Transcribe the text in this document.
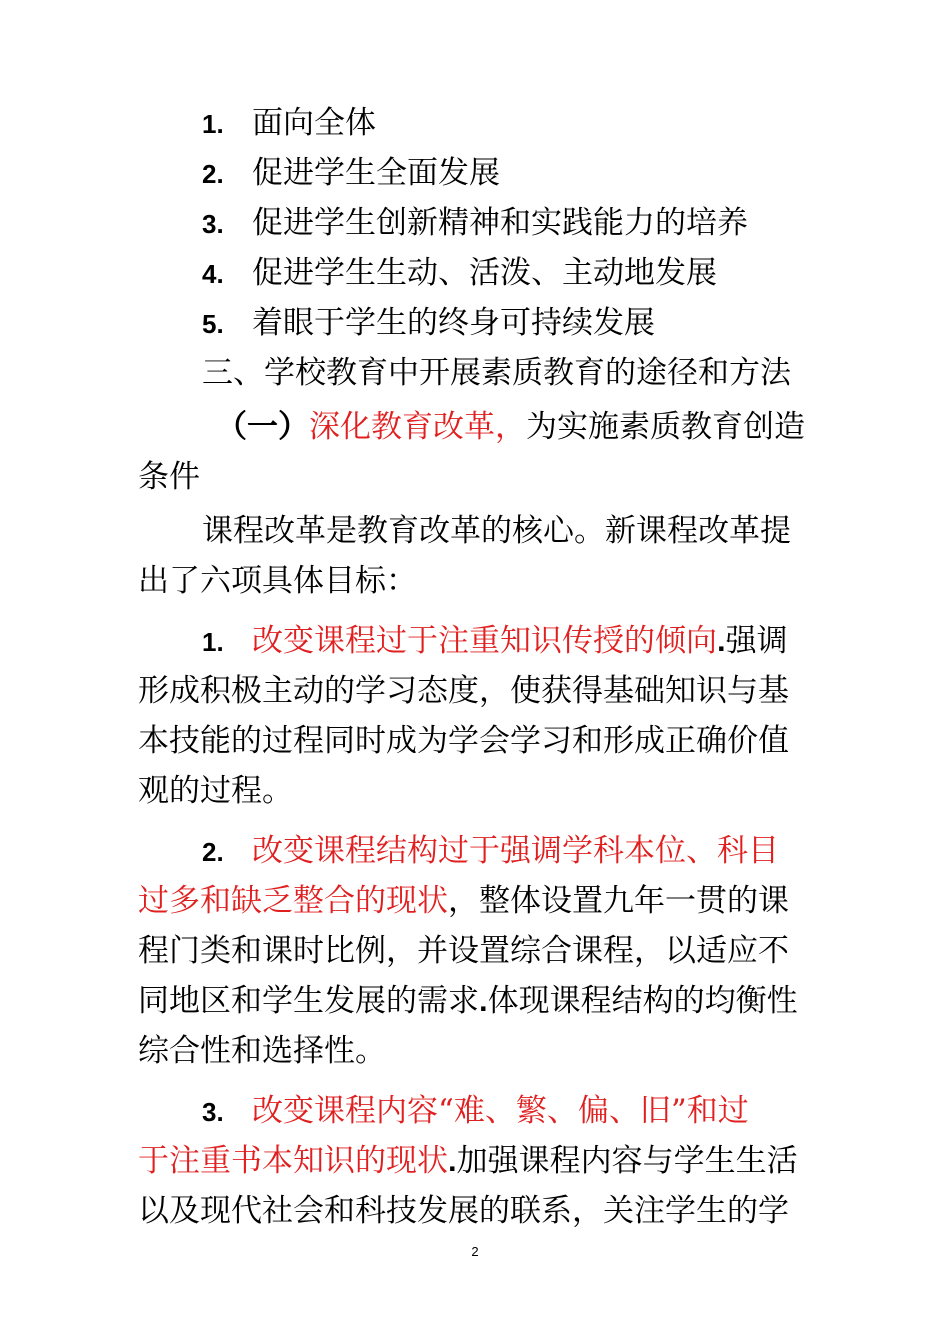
1. 面向全体
2. 促进学生全面发展
3. 促进学生创新精神和实践能力的培养
4. 促进学生生动、活泼、主动地发展
5. 着眼于学生的终身可持续发展
三、学校教育中开展素质教育的途径和方法
（一）深化教育改革，为实施素质教育创造
条件
课程改革是教育改革的核心。新课程改革提
出了六项具体目标：
1. 改变课程过于注重知识传授的倾向.强调
形成积极主动的学习态度，使获得基础知识与基
本技能的过程同时成为学会学习和形成正确价值
观的过程。
2. 改变课程结构过于强调学科本位、科目
过多和缺乏整合的现状，整体设置九年一贯的课
程门类和课时比例，并设置综合课程，以适应不
同地区和学生发展的需求.体现课程结构的均衡性
综合性和选择性。
3. 改变课程内容“难、繁、偏、旧”和过
于注重书本知识的现状.加强课程内容与学生生活
以及现代社会和科技发展的联系，关注学生的学
2
